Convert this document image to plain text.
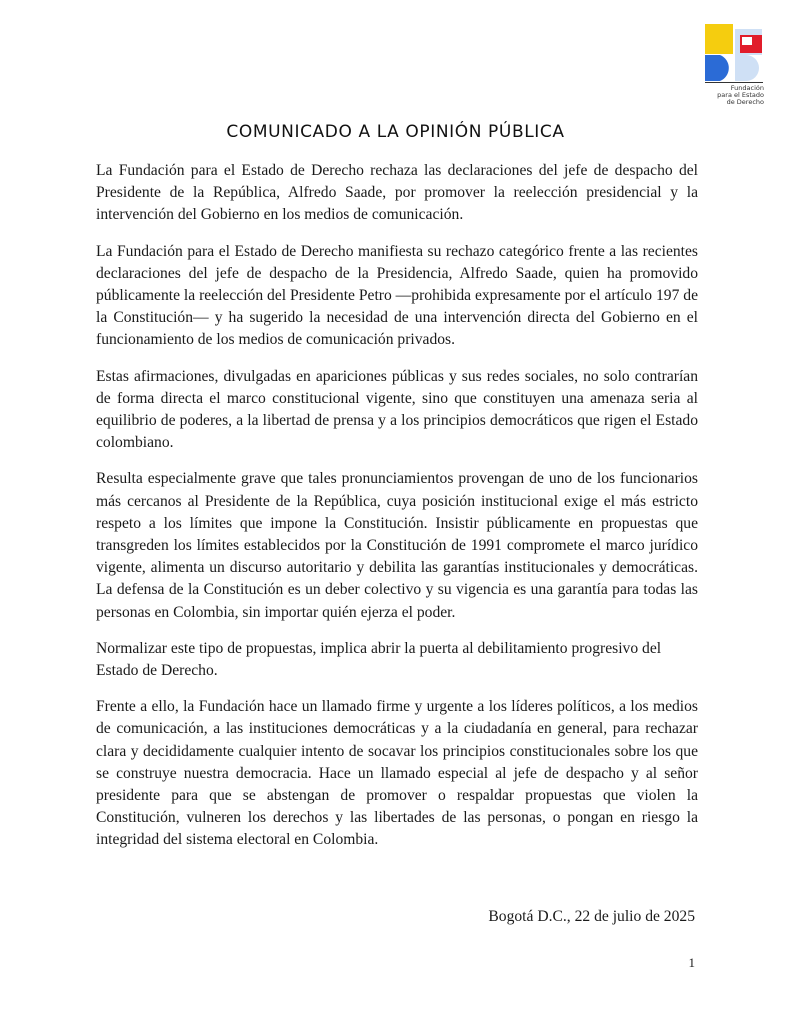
Fundación
para el Estado
de Derecho
COMUNICADO A LA OPINIÓN PÚBLICA

La Fundación para el Estado de Derecho rechaza las declaraciones del jefe de despacho del Presidente de la República, Alfredo Saade, por promover la reelección presidencial y la intervención del Gobierno en los medios de comunicación.

La Fundación para el Estado de Derecho manifiesta su rechazo categórico frente a las recientes declaraciones del jefe de despacho de la Presidencia, Alfredo Saade, quien ha promovido públicamente la reelección del Presidente Petro —prohibida expresamente por el artículo 197 de la Constitución— y ha sugerido la necesidad de una intervención directa del Gobierno en el funcionamiento de los medios de comunicación privados.

Estas afirmaciones, divulgadas en apariciones públicas y sus redes sociales, no solo contrarían de forma directa el marco constitucional vigente, sino que constituyen una amenaza seria al equilibrio de poderes, a la libertad de prensa y a los principios democráticos que rigen el Estado colombiano.

Resulta especialmente grave que tales pronunciamientos provengan de uno de los funcionarios más cercanos al Presidente de la República, cuya posición institucional exige el más estricto respeto a los límites que impone la Constitución. Insistir públicamente en propuestas que transgreden los límites establecidos por la Constitución de 1991 compromete el marco jurídico vigente, alimenta un discurso autoritario y debilita las garantías institucionales y democráticas. La defensa de la Constitución es un deber colectivo y su vigencia es una garantía para todas las personas en Colombia, sin importar quién ejerza el poder.

Normalizar este tipo de propuestas, implica abrir la puerta al debilitamiento progresivo del Estado de Derecho.

Frente a ello, la Fundación hace un llamado firme y urgente a los líderes políticos, a los medios de comunicación, a las instituciones democráticas y a la ciudadanía en general, para rechazar clara y decididamente cualquier intento de socavar los principios constitucionales sobre los que se construye nuestra democracia. Hace un llamado especial al jefe de despacho y al señor presidente para que se abstengan de promover o respaldar propuestas que violen la Constitución, vulneren los derechos y las libertades de las personas, o pongan en riesgo la integridad del sistema electoral en Colombia.

Bogotá D.C., 22 de julio de 2025
1
